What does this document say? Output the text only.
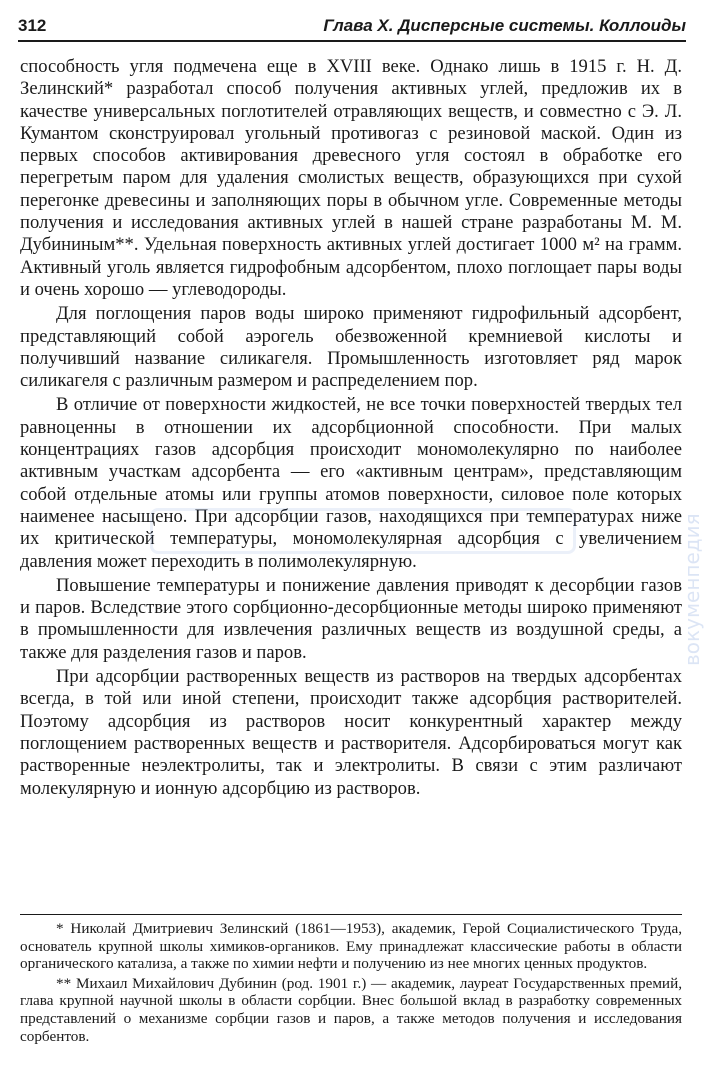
312	Глава X. Дисперсные системы. Коллоиды

способность угля подмечена еще в XVIII веке. Однако лишь в 1915 г. Н. Д. Зелинский* разработал способ получения активных углей, предложив их в качестве универсальных поглотителей отравляющих веществ, и совместно с Э. Л. Кумантом сконструировал угольный противогаз с резиновой маской. Один из первых способов активирования древесного угля состоял в обработке его перегретым паром для удаления смолистых веществ, образующихся при сухой перегонке древесины и заполняющих поры в обычном угле. Современные методы получения и исследования активных углей в нашей стране разработаны М. М. Дубининым**. Удельная поверхность активных углей достигает 1000 м² на грамм. Активный уголь является гидрофобным адсорбентом, плохо поглощает пары воды и очень хорошо — углеводороды.

Для поглощения паров воды широко применяют гидрофильный адсорбент, представляющий собой аэрогель обезвоженной кремниевой кислоты и получивший название силикагеля. Промышленность изготовляет ряд марок силикагеля с различным размером и распределением пор.

В отличие от поверхности жидкостей, не все точки поверхностей твердых тел равноценны в отношении их адсорбционной способности. При малых концентрациях газов адсорбция происходит мономолекулярно по наиболее активным участкам адсорбента — его «активным центрам», представляющим собой отдельные атомы или группы атомов поверхности, силовое поле которых наименее насыщено. При адсорбции газов, находящихся при температурах ниже их критической температуры, мономолекулярная адсорбция с увеличением давления может переходить в полимолекулярную.

Повышение температуры и понижение давления приводят к десорбции газов и паров. Вследствие этого сорбционно-десорбционные методы широко применяют в промышленности для извлечения различных веществ из воздушной среды, а также для разделения газов и паров.

При адсорбции растворенных веществ из растворов на твердых адсорбентах всегда, в той или иной степени, происходит также адсорбция растворителей. Поэтому адсорбция из растворов носит конкурентный характер между поглощением растворенных веществ и растворителя. Адсорбироваться могут как растворенные неэлектролиты, так и электролиты. В связи с этим различают молекулярную и ионную адсорбцию из растворов.

* Николай Дмитриевич Зелинский (1861—1953), академик, Герой Социалистического Труда, основатель крупной школы химиков-органиков. Ему принадлежат классические работы в области органического катализа, а также по химии нефти и получению из нее многих ценных продуктов.

** Михаил Михайлович Дубинин (род. 1901 г.) — академик, лауреат Государственных премий, глава крупной научной школы в области сорбции. Внес большой вклад в разработку современных представлений о механизме сорбции газов и паров, а также методов получения и исследования сорбентов.

вокуменпедия
